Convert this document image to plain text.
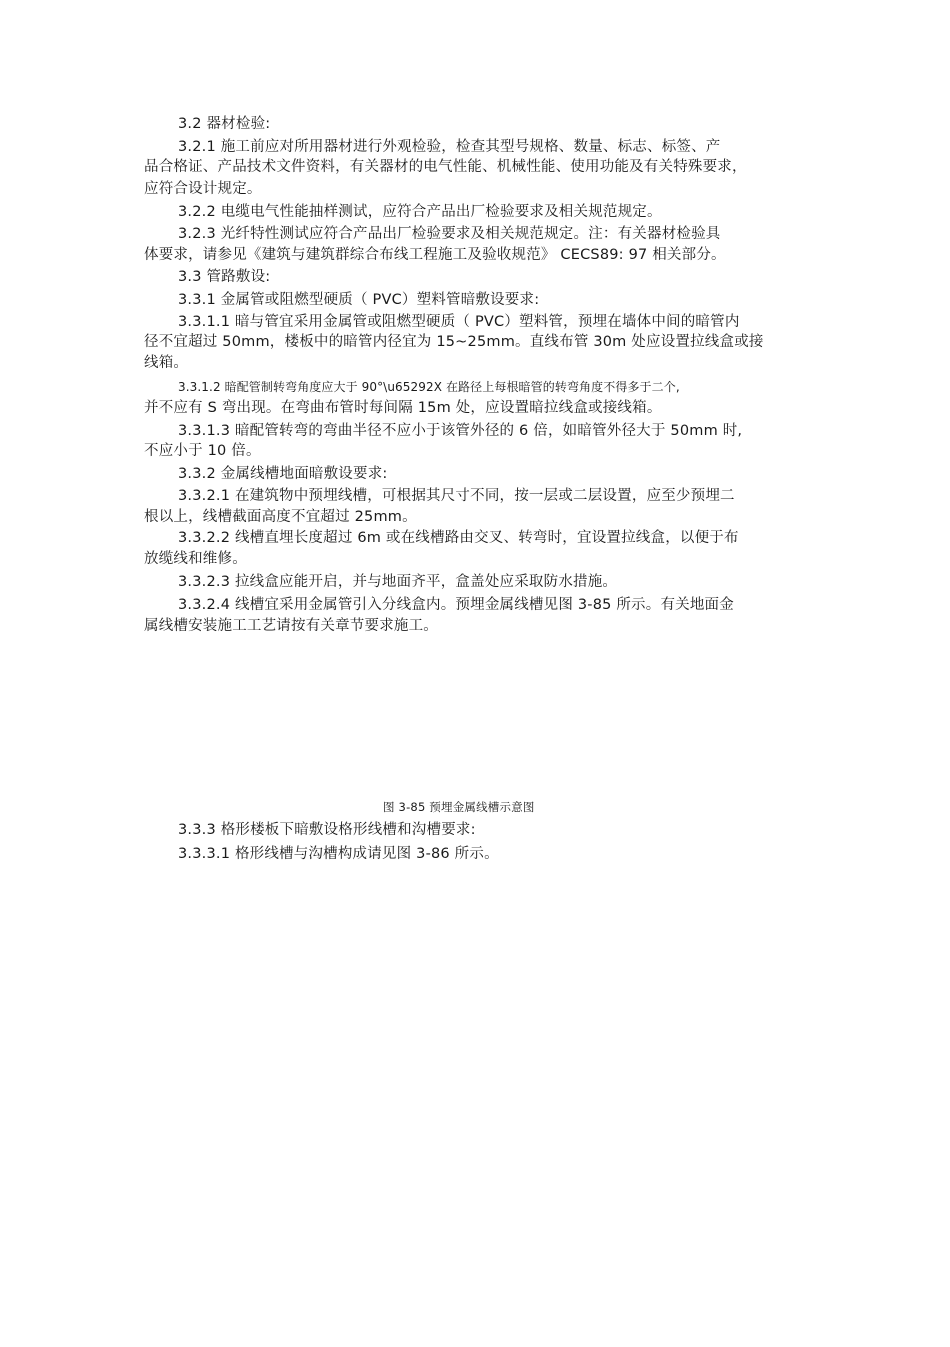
3.2 器材检验:

3.2.1 施工前应对所用器材进行外观检验，检查其型号规格、数量、标志、标签、产

品合格证、产品技术文件资料，有关器材的电气性能、机械性能、使用功能及有关特殊要求，

应符合设计规定。

3.2.2 电缆电气性能抽样测试，应符合产品出厂检验要求及相关规范规定。

3.2.3 光纤特性测试应符合产品出厂检验要求及相关规范规定。注：有关器材检验具

体要求，请参见《建筑与建筑群综合布线工程施工及验收规范》 CECS89: 97 相关部分。

3.3 管路敷设:

3.3.1 金属管或阻燃型硬质（ PVC）塑料管暗敷设要求:

3.3.1.1 暗与管宜采用金属管或阻燃型硬质（ PVC）塑料管，预埋在墙体中间的暗管内

径不宜超过 50mm，楼板中的暗管内径宜为 15~25mm。直线布管 30m 处应设置拉线盒或接

线箱。

3.3.1.2 暗配管制转弯角度应大于 90°\u65292X 在路径上每根暗管的转弯角度不得多于二个,

并不应有 S 弯出现。在弯曲布管时每间隔 15m 处，应设置暗拉线盒或接线箱。

3.3.1.3 暗配管转弯的弯曲半径不应小于该管外径的 6 倍，如暗管外径大于 50mm 时,

不应小于 10 倍。

3.3.2 金属线槽地面暗敷设要求:

3.3.2.1 在建筑物中预埋线槽，可根据其尺寸不同，按一层或二层设置，应至少预埋二

根以上，线槽截面高度不宜超过 25mm。

3.3.2.2 线槽直埋长度超过 6m 或在线槽路由交叉、转弯时，宜设置拉线盒，以便于布

放缆线和维修。

3.3.2.3 拉线盒应能开启，并与地面齐平，盒盖处应采取防水措施。

3.3.2.4 线槽宜采用金属管引入分线盒内。预埋金属线槽见图 3-85 所示。有关地面金

属线槽安装施工工艺请按有关章节要求施工。

图 3-85 预埋金属线槽示意图

3.3.3 格形楼板下暗敷设格形线槽和沟槽要求:

3.3.3.1 格形线槽与沟槽构成请见图 3-86 所示。
